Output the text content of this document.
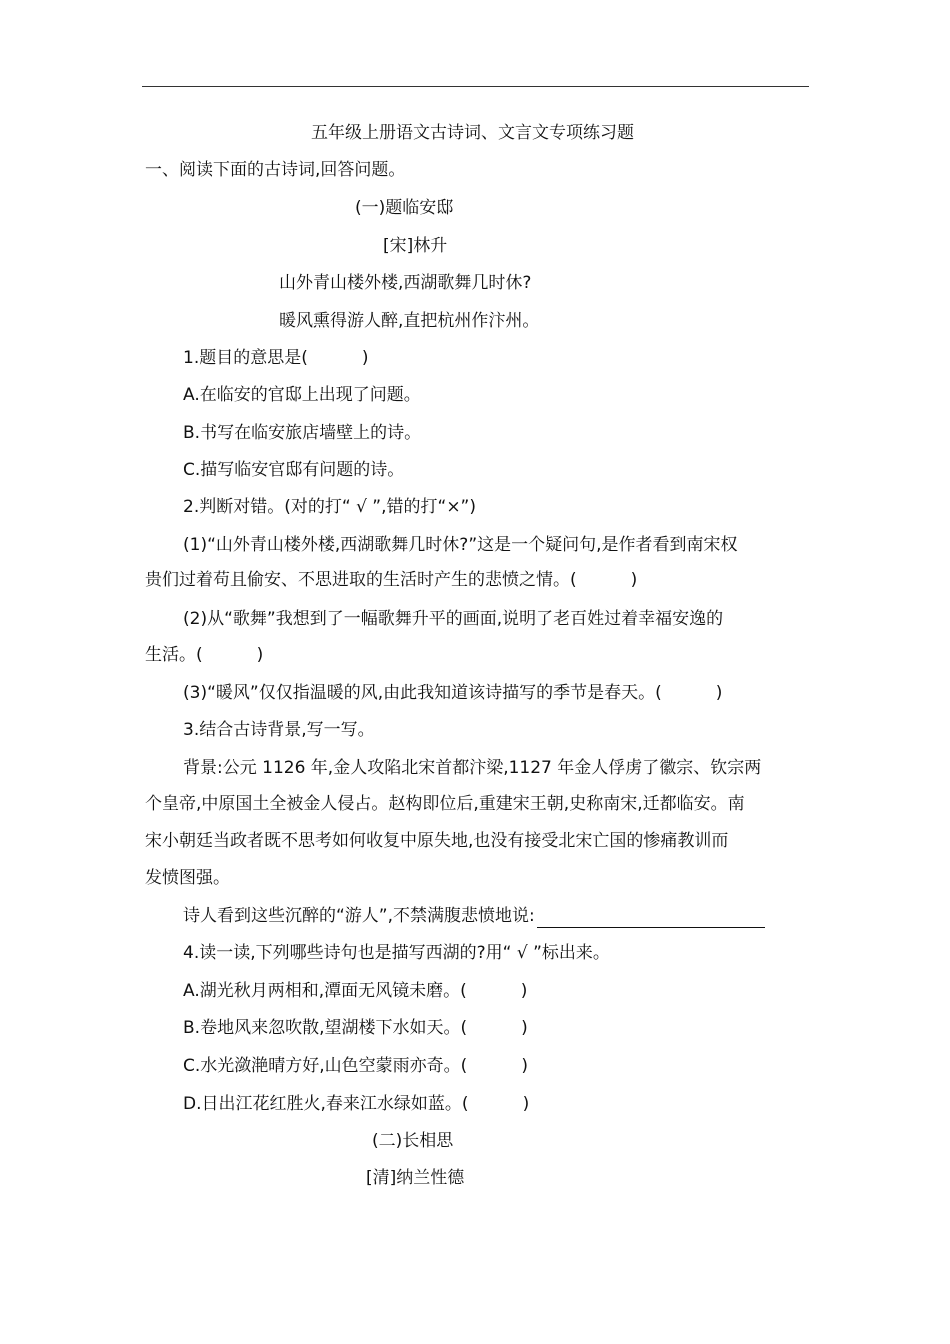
五年级上册语文古诗词、文言文专项练习题
一、阅读下面的古诗词,回答问题。
(一)题临安邸
[宋]林升
山外青山楼外楼,西湖歌舞几时休?
暖风熏得游人醉,直把杭州作汴州。
1.题目的意思是(          )
A.在临安的官邸上出现了问题。
B.书写在临安旅店墙壁上的诗。
C.描写临安官邸有问题的诗。
2.判断对错。(对的打“ √ ”,错的打“×”)
(1)“山外青山楼外楼,西湖歌舞几时休?”这是一个疑问句,是作者看到南宋权
贵们过着苟且偷安、不思进取的生活时产生的悲愤之情。(          )
(2)从“歌舞”我想到了一幅歌舞升平的画面,说明了老百姓过着幸福安逸的
生活。(          )
(3)“暖风”仅仅指温暖的风,由此我知道该诗描写的季节是春天。(          )
3.结合古诗背景,写一写。
背景:公元 1126 年,金人攻陷北宋首都汴梁,1127 年金人俘虏了徽宗、钦宗两
个皇帝,中原国土全被金人侵占。赵构即位后,重建宋王朝,史称南宋,迁都临安。南
宋小朝廷当政者既不思考如何收复中原失地,也没有接受北宋亡国的惨痛教训而
发愤图强。
诗人看到这些沉醉的“游人”,不禁满腹悲愤地说:
4.读一读,下列哪些诗句也是描写西湖的?用“ √ ”标出来。
A.湖光秋月两相和,潭面无风镜未磨。(          )
B.卷地风来忽吹散,望湖楼下水如天。(          )
C.水光潋滟晴方好,山色空蒙雨亦奇。(          )
D.日出江花红胜火,春来江水绿如蓝。(          )
(二)长相思
[清]纳兰性德
